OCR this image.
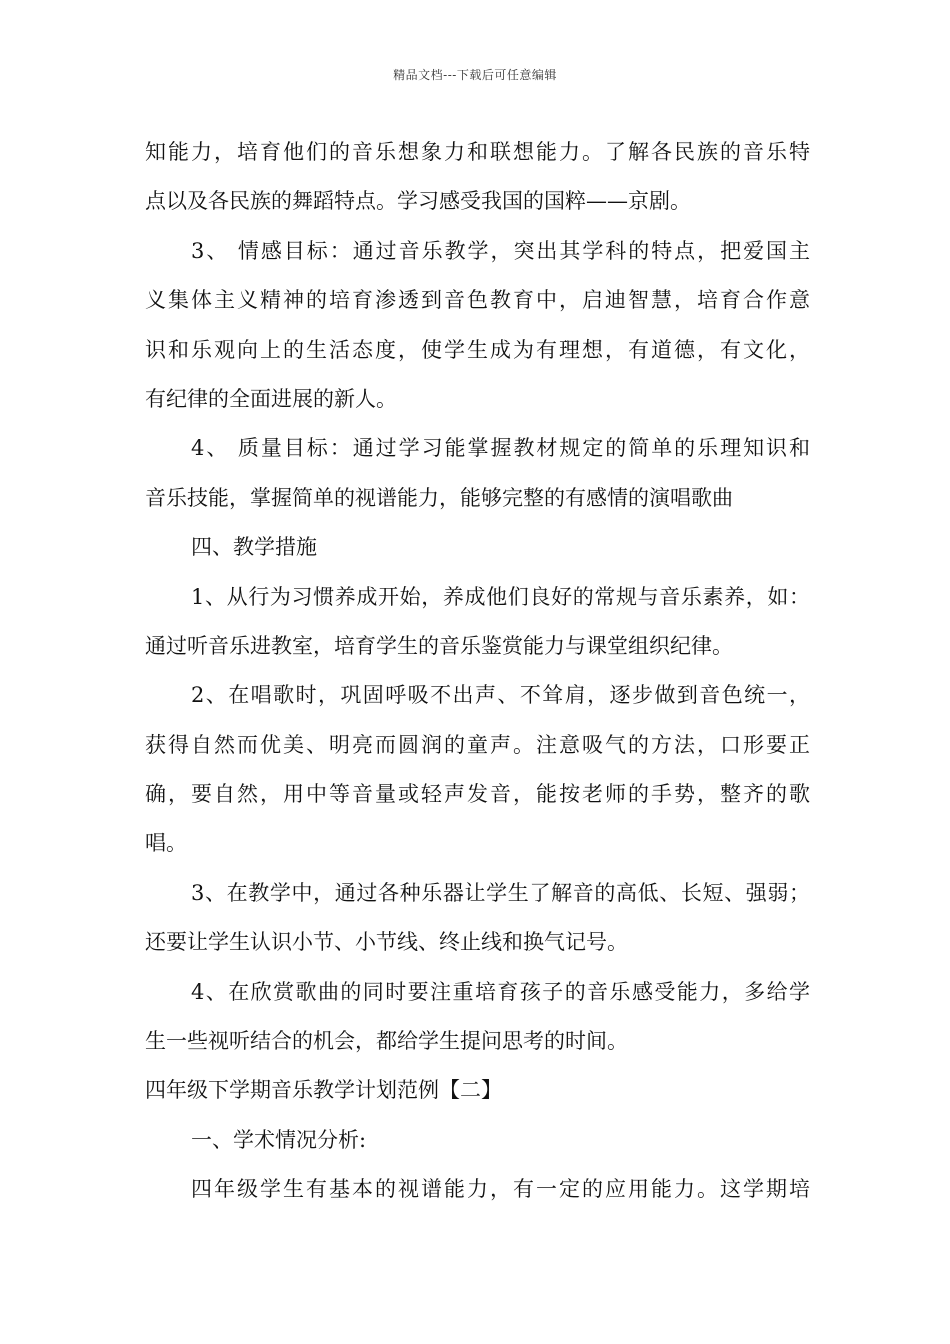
精品文档---下载后可任意编辑
知能力，培育他们的音乐想象力和联想能力。了解各民族的音乐特
点以及各民族的舞蹈特点。学习感受我国的国粹——京剧。
3、 情感目标：通过音乐教学，突出其学科的特点，把爱国主
义集体主义精神的培育渗透到音色教育中，启迪智慧，培育合作意
识和乐观向上的生活态度，使学生成为有理想，有道德，有文化，
有纪律的全面进展的新人。
4、 质量目标：通过学习能掌握教材规定的简单的乐理知识和
音乐技能，掌握简单的视谱能力，能够完整的有感情的演唱歌曲
四、教学措施
1、从行为习惯养成开始，养成他们良好的常规与音乐素养，如：
通过听音乐进教室，培育学生的音乐鉴赏能力与课堂组织纪律。
2、在唱歌时，巩固呼吸不出声、不耸肩，逐步做到音色统一，
获得自然而优美、明亮而圆润的童声。注意吸气的方法，口形要正
确，要自然，用中等音量或轻声发音，能按老师的手势，整齐的歌
唱。
3、在教学中，通过各种乐器让学生了解音的高低、长短、强弱；
还要让学生认识小节、小节线、终止线和换气记号。
4、在欣赏歌曲的同时要注重培育孩子的音乐感受能力，多给学
生一些视听结合的机会，都给学生提问思考的时间。
四年级下学期音乐教学计划范例【二】
一、学术情况分析:
四年级学生有基本的视谱能力，有一定的应用能力。这学期培
